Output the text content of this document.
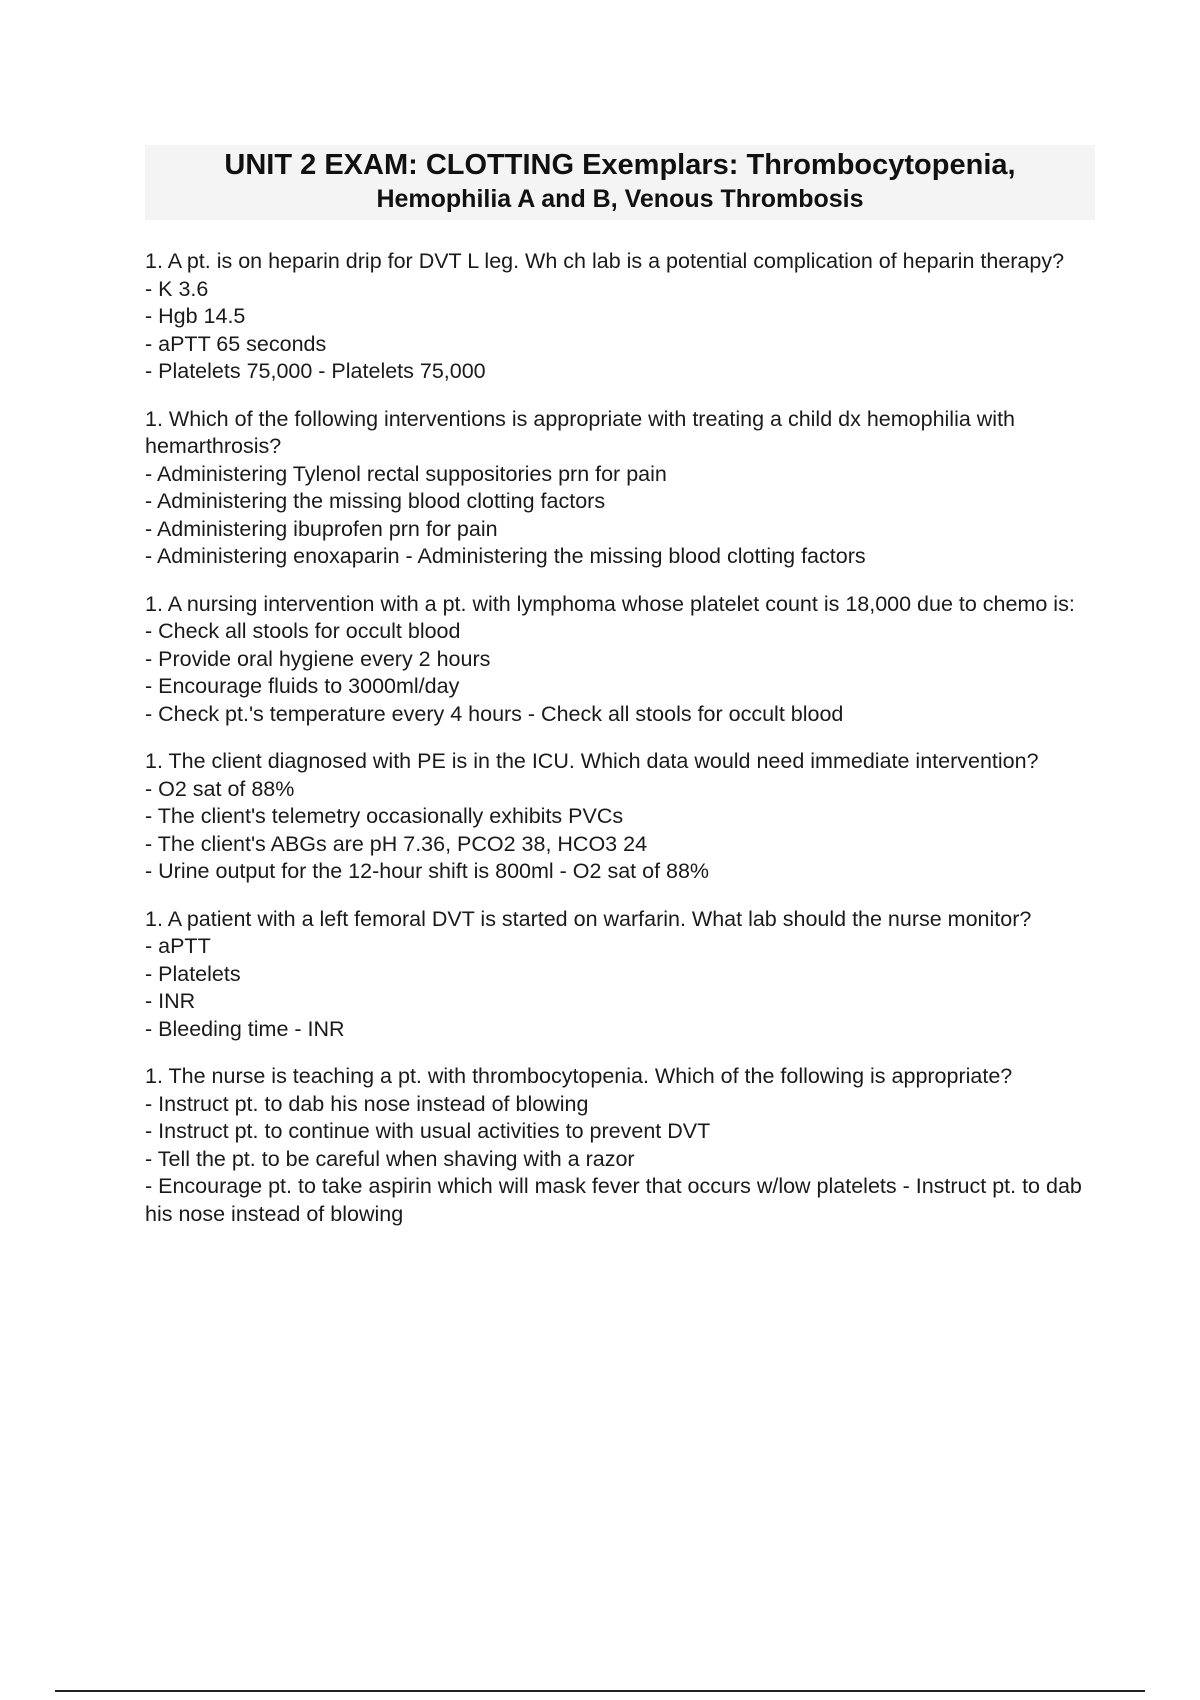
UNIT 2 EXAM: CLOTTING Exemplars: Thrombocytopenia,
Hemophilia A and B, Venous Thrombosis

1. A pt. is on heparin drip for DVT L leg. Wh ch lab is a potential complication of heparin therapy?

- K 3.6

- Hgb 14.5

- aPTT 65 seconds

- Platelets 75,000 - Platelets 75,000

1. Which of the following interventions is appropriate with treating a child dx hemophilia with hemarthrosis?

- Administering Tylenol rectal suppositories prn for pain

- Administering the missing blood clotting factors

- Administering ibuprofen prn for pain

- Administering enoxaparin - Administering the missing blood clotting factors

1. A nursing intervention with a pt. with lymphoma whose platelet count is 18,000 due to chemo is:

- Check all stools for occult blood

- Provide oral hygiene every 2 hours

- Encourage fluids to 3000ml/day

- Check pt.'s temperature every 4 hours - Check all stools for occult blood

1. The client diagnosed with PE is in the ICU. Which data would need immediate intervention?

- O2 sat of 88%

- The client's telemetry occasionally exhibits PVCs

- The client's ABGs are pH 7.36, PCO2 38, HCO3 24

- Urine output for the 12-hour shift is 800ml - O2 sat of 88%

1. A patient with a left femoral DVT is started on warfarin. What lab should the nurse monitor?

- aPTT

- Platelets

- INR

- Bleeding time - INR

1. The nurse is teaching a pt. with thrombocytopenia. Which of the following is appropriate?

- Instruct pt. to dab his nose instead of blowing

- Instruct pt. to continue with usual activities to prevent DVT

- Tell the pt. to be careful when shaving with a razor

- Encourage pt. to take aspirin which will mask fever that occurs w/low platelets - Instruct pt. to dab his nose instead of blowing
